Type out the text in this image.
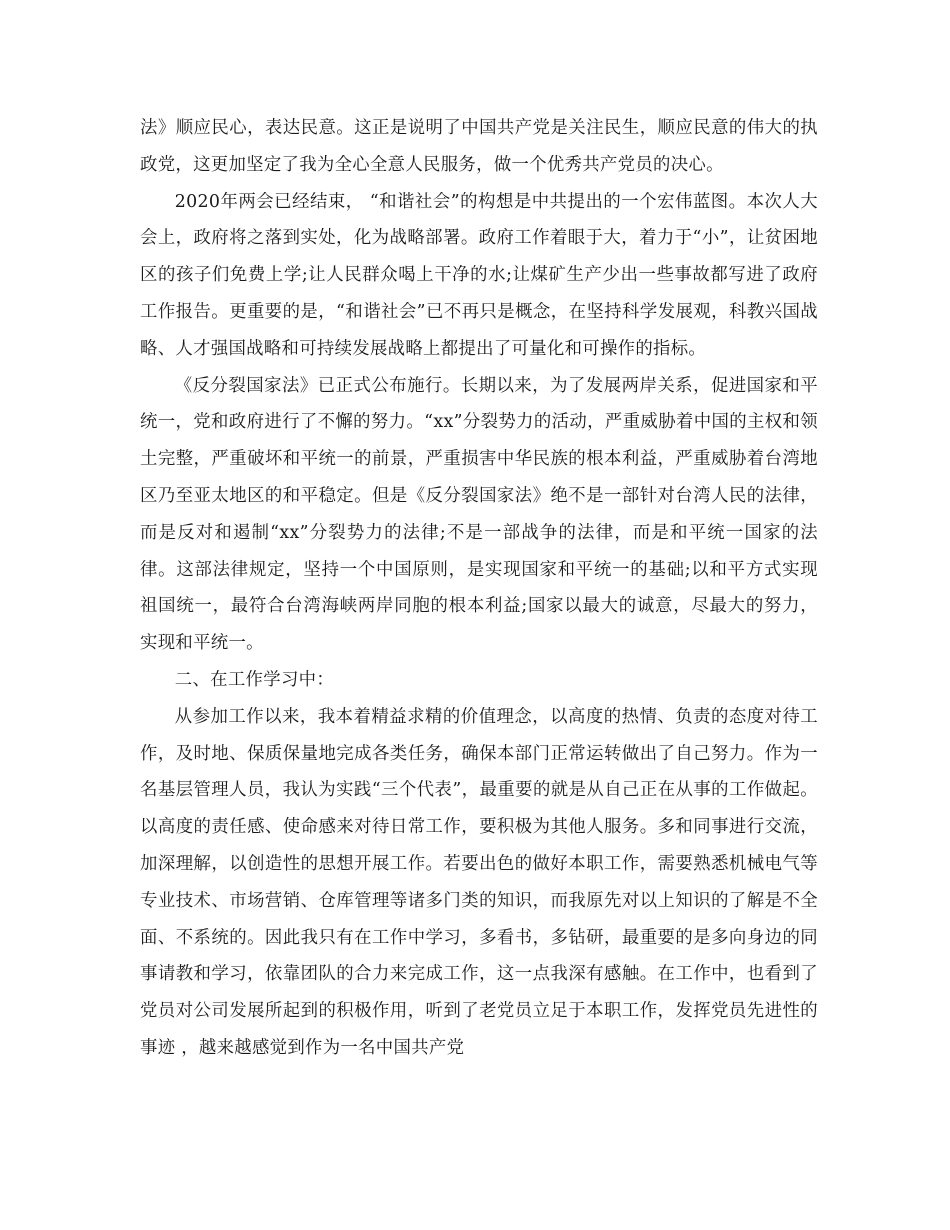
法》顺应民心，表达民意。这正是说明了中国共产党是关注民生，顺应民意的伟大的执政党，这更加坚定了我为全心全意人民服务，做一个优秀共产党员的决心。

2020年两会已经结束， “和谐社会”的构想是中共提出的一个宏伟蓝图。本次人大会上，政府将之落到实处，化为战略部署。政府工作着眼于大，着力于“小”，让贫困地区的孩子们免费上学;让人民群众喝上干净的水;让煤矿生产少出一些事故都写进了政府工作报告。更重要的是，“和谐社会”已不再只是概念，在坚持科学发展观，科教兴国战略、人才强国战略和可持续发展战略上都提出了可量化和可操作的指标。

《反分裂国家法》已正式公布施行。长期以来，为了发展两岸关系，促进国家和平统一，党和政府进行了不懈的努力。“xx”分裂势力的活动，严重威胁着中国的主权和领土完整，严重破坏和平统一的前景，严重损害中华民族的根本利益，严重威胁着台湾地区乃至亚太地区的和平稳定。但是《反分裂国家法》绝不是一部针对台湾人民的法律，而是反对和遏制“xx”分裂势力的法律;不是一部战争的法律，而是和平统一国家的法律。这部法律规定，坚持一个中国原则，是实现国家和平统一的基础;以和平方式实现祖国统一，最符合台湾海峡两岸同胞的根本利益;国家以最大的诚意，尽最大的努力，实现和平统一。

二、在工作学习中：

从参加工作以来，我本着精益求精的价值理念，以高度的热情、负责的态度对待工作，及时地、保质保量地完成各类任务，确保本部门正常运转做出了自己努力。作为一名基层管理人员，我认为实践“三个代表”，最重要的就是从自己正在从事的工作做起。以高度的责任感、使命感来对待日常工作，要积极为其他人服务。多和同事进行交流，加深理解，以创造性的思想开展工作。若要出色的做好本职工作，需要熟悉机械电气等专业技术、市场营销、仓库管理等诸多门类的知识，而我原先对以上知识的了解是不全面、不系统的。因此我只有在工作中学习，多看书，多钻研，最重要的是多向身边的同事请教和学习，依靠团队的合力来完成工作，这一点我深有感触。在工作中，也看到了党员对公司发展所起到的积极作用，听到了老党员立足于本职工作，发挥党员先进性的事迹 ，越来越感觉到作为一名中国共产党
